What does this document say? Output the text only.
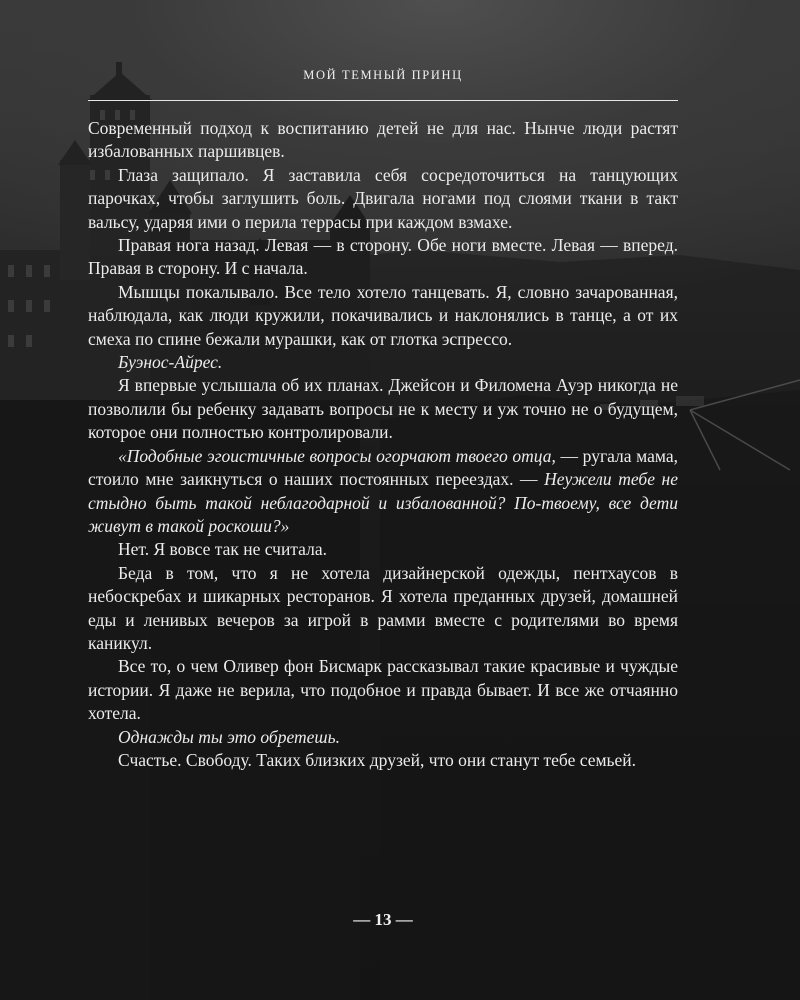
МОЙ ТЕМНЫЙ ПРИНЦ

Современный подход к воспитанию детей не для нас. Нынче люди растят избалованных паршивцев.

Глаза защипало. Я заставила себя сосредоточиться на танцующих парочках, чтобы заглушить боль. Двигала ногами под слоями ткани в такт вальсу, ударяя ими о перила террасы при каждом взмахе.

Правая нога назад. Левая — в сторону. Обе ноги вместе. Левая — вперед. Правая в сторону. И с начала.

Мышцы покалывало. Все тело хотело танцевать. Я, словно зачарованная, наблюдала, как люди кружили, покачивались и наклонялись в танце, а от их смеха по спине бежали мурашки, как от глотка эспрессо.

Буэнос-Айрес.

Я впервые услышала об их планах. Джейсон и Филомена Ауэр никогда не позволили бы ребенку задавать вопросы не к месту и уж точно не о будущем, которое они полностью контролировали.

«Подобные эгоистичные вопросы огорчают твоего отца, — ругала мама, стоило мне заикнуться о наших постоянных переездах. — Неужели тебе не стыдно быть такой неблагодарной и избалованной? По-твоему, все дети живут в такой роскоши?»

Нет. Я вовсе так не считала.

Беда в том, что я не хотела дизайнерской одежды, пентхаусов в небоскребах и шикарных ресторанов. Я хотела преданных друзей, домашней еды и ленивых вечеров за игрой в рамми вместе с родителями во время каникул.

Все то, о чем Оливер фон Бисмарк рассказывал такие красивые и чуждые истории. Я даже не верила, что подобное и правда бывает. И все же отчаянно хотела.

Однажды ты это обретешь.

Счастье. Свободу. Таких близких друзей, что они станут тебе семьей.

— 13 —
